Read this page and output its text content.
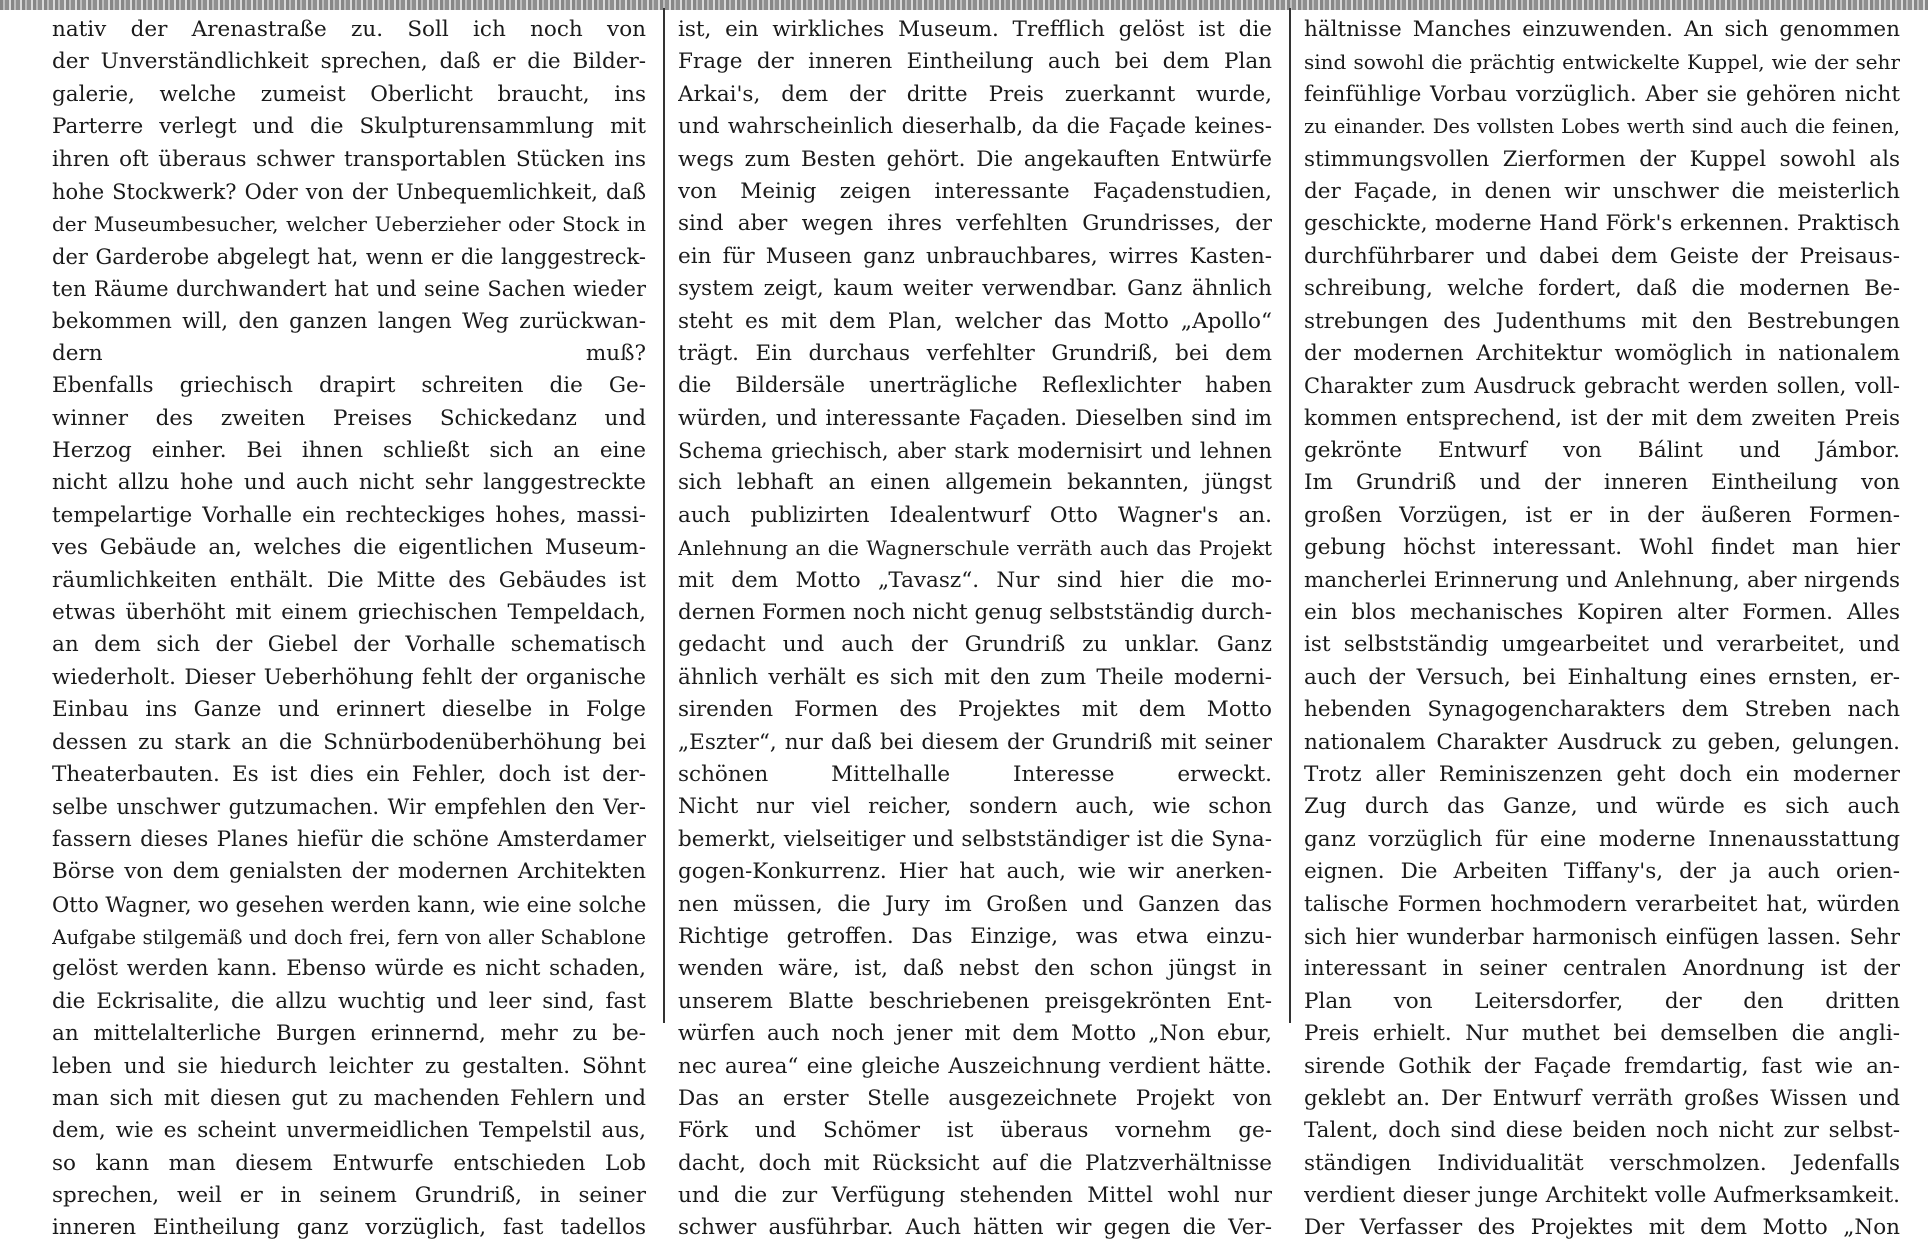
nativ der Arenastraße zu. Soll ich noch von
der Unverständlichkeit sprechen, daß er die Bilder-
galerie, welche zumeist Oberlicht braucht, ins
Parterre verlegt und die Skulpturensammlung mit
ihren oft überaus schwer transportablen Stücken ins
hohe Stockwerk? Oder von der Unbequemlichkeit, daß
der Museumbesucher, welcher Ueberzieher oder Stock in
der Garderobe abgelegt hat, wenn er die langgestreck-
ten Räume durchwandert hat und seine Sachen wieder
bekommen will, den ganzen langen Weg zurückwan-
dern muß?
Ebenfalls griechisch drapirt schreiten die Ge-
winner des zweiten Preises Schickedanz und
Herzog einher. Bei ihnen schließt sich an eine
nicht allzu hohe und auch nicht sehr langgestreckte
tempelartige Vorhalle ein rechteckiges hohes, massi-
ves Gebäude an, welches die eigentlichen Museum-
räumlichkeiten enthält. Die Mitte des Gebäudes ist
etwas überhöht mit einem griechischen Tempeldach,
an dem sich der Giebel der Vorhalle schematisch
wiederholt. Dieser Ueberhöhung fehlt der organische
Einbau ins Ganze und erinnert dieselbe in Folge
dessen zu stark an die Schnürbodenüberhöhung bei
Theaterbauten. Es ist dies ein Fehler, doch ist der-
selbe unschwer gutzumachen. Wir empfehlen den Ver-
fassern dieses Planes hiefür die schöne Amsterdamer
Börse von dem genialsten der modernen Architekten
Otto Wagner, wo gesehen werden kann, wie eine solche
Aufgabe stilgemäß und doch frei, fern von aller Schablone
gelöst werden kann. Ebenso würde es nicht schaden,
die Eckrisalite, die allzu wuchtig und leer sind, fast
an mittelalterliche Burgen erinnernd, mehr zu be-
leben und sie hiedurch leichter zu gestalten. Söhnt
man sich mit diesen gut zu machenden Fehlern und
dem, wie es scheint unvermeidlichen Tempelstil aus,
so kann man diesem Entwurfe entschieden Lob
sprechen, weil er in seinem Grundriß, in seiner
inneren Eintheilung ganz vorzüglich, fast tadellos
ist, ein wirkliches Museum. Trefflich gelöst ist die
Frage der inneren Eintheilung auch bei dem Plan
Arkai's, dem der dritte Preis zuerkannt wurde,
und wahrscheinlich dieserhalb, da die Façade keines-
wegs zum Besten gehört. Die angekauften Entwürfe
von Meinig zeigen interessante Façadenstudien,
sind aber wegen ihres verfehlten Grundrisses, der
ein für Museen ganz unbrauchbares, wirres Kasten-
system zeigt, kaum weiter verwendbar. Ganz ähnlich
steht es mit dem Plan, welcher das Motto „Apollo“
trägt. Ein durchaus verfehlter Grundriß, bei dem
die Bildersäle unerträgliche Reflexlichter haben
würden, und interessante Façaden. Dieselben sind im
Schema griechisch, aber stark modernisirt und lehnen
sich lebhaft an einen allgemein bekannten, jüngst
auch publizirten Idealentwurf Otto Wagner's an.
Anlehnung an die Wagnerschule verräth auch das Projekt
mit dem Motto „Tavasz“. Nur sind hier die mo-
dernen Formen noch nicht genug selbstständig durch-
gedacht und auch der Grundriß zu unklar. Ganz
ähnlich verhält es sich mit den zum Theile moderni-
sirenden Formen des Projektes mit dem Motto
„Eszter“, nur daß bei diesem der Grundriß mit seiner
schönen Mittelhalle Interesse erweckt.
Nicht nur viel reicher, sondern auch, wie schon
bemerkt, vielseitiger und selbstständiger ist die Syna-
gogen-Konkurrenz. Hier hat auch, wie wir anerken-
nen müssen, die Jury im Großen und Ganzen das
Richtige getroffen. Das Einzige, was etwa einzu-
wenden wäre, ist, daß nebst den schon jüngst in
unserem Blatte beschriebenen preisgekrönten Ent-
würfen auch noch jener mit dem Motto „Non ebur,
nec aurea“ eine gleiche Auszeichnung verdient hätte.
Das an erster Stelle ausgezeichnete Projekt von
Förk und Schömer ist überaus vornehm ge-
dacht, doch mit Rücksicht auf die Platzverhältnisse
und die zur Verfügung stehenden Mittel wohl nur
schwer ausführbar. Auch hätten wir gegen die Ver-
hältnisse Manches einzuwenden. An sich genommen
sind sowohl die prächtig entwickelte Kuppel, wie der sehr
feinfühlige Vorbau vorzüglich. Aber sie gehören nicht
zu einander. Des vollsten Lobes werth sind auch die feinen,
stimmungsvollen Zierformen der Kuppel sowohl als
der Façade, in denen wir unschwer die meisterlich
geschickte, moderne Hand Förk's erkennen. Praktisch
durchführbarer und dabei dem Geiste der Preisaus-
schreibung, welche fordert, daß die modernen Be-
strebungen des Judenthums mit den Bestrebungen
der modernen Architektur womöglich in nationalem
Charakter zum Ausdruck gebracht werden sollen, voll-
kommen entsprechend, ist der mit dem zweiten Preis
gekrönte Entwurf von Bálint und Jámbor.
Im Grundriß und der inneren Eintheilung von
großen Vorzügen, ist er in der äußeren Formen-
gebung höchst interessant. Wohl findet man hier
mancherlei Erinnerung und Anlehnung, aber nirgends
ein blos mechanisches Kopiren alter Formen. Alles
ist selbstständig umgearbeitet und verarbeitet, und
auch der Versuch, bei Einhaltung eines ernsten, er-
hebenden Synagogencharakters dem Streben nach
nationalem Charakter Ausdruck zu geben, gelungen.
Trotz aller Reminiszenzen geht doch ein moderner
Zug durch das Ganze, und würde es sich auch
ganz vorzüglich für eine moderne Innenausstattung
eignen. Die Arbeiten Tiffany's, der ja auch orien-
talische Formen hochmodern verarbeitet hat, würden
sich hier wunderbar harmonisch einfügen lassen. Sehr
interessant in seiner centralen Anordnung ist der
Plan von Leitersdorfer, der den dritten
Preis erhielt. Nur muthet bei demselben die angli-
sirende Gothik der Façade fremdartig, fast wie an-
geklebt an. Der Entwurf verräth großes Wissen und
Talent, doch sind diese beiden noch nicht zur selbst-
ständigen Individualität verschmolzen. Jedenfalls
verdient dieser junge Architekt volle Aufmerksamkeit.
Der Verfasser des Projektes mit dem Motto „Non
